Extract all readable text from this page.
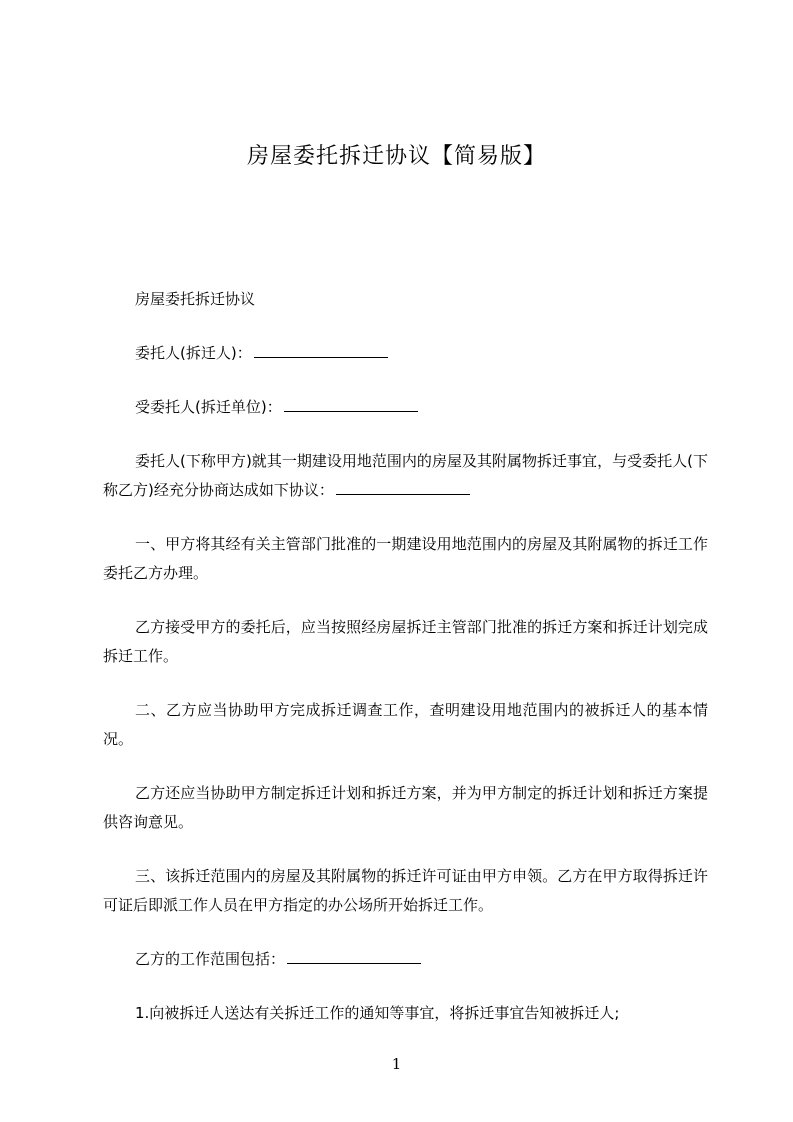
房屋委托拆迁协议【简易版】

房屋委托拆迁协议

委托人(拆迁人)：

受委托人(拆迁单位)：

委托人(下称甲方)就其一期建设用地范围内的房屋及其附属物拆迁事宜，与受委托人(下称乙方)经充分协商达成如下协议：

一、甲方将其经有关主管部门批准的一期建设用地范围内的房屋及其附属物的拆迁工作委托乙方办理。

乙方接受甲方的委托后，应当按照经房屋拆迁主管部门批准的拆迁方案和拆迁计划完成拆迁工作。

二、乙方应当协助甲方完成拆迁调查工作，查明建设用地范围内的被拆迁人的基本情况。

乙方还应当协助甲方制定拆迁计划和拆迁方案，并为甲方制定的拆迁计划和拆迁方案提供咨询意见。

三、该拆迁范围内的房屋及其附属物的拆迁许可证由甲方申领。乙方在甲方取得拆迁许可证后即派工作人员在甲方指定的办公场所开始拆迁工作。

乙方的工作范围包括：

1.向被拆迁人送达有关拆迁工作的通知等事宜，将拆迁事宜告知被拆迁人;

1
